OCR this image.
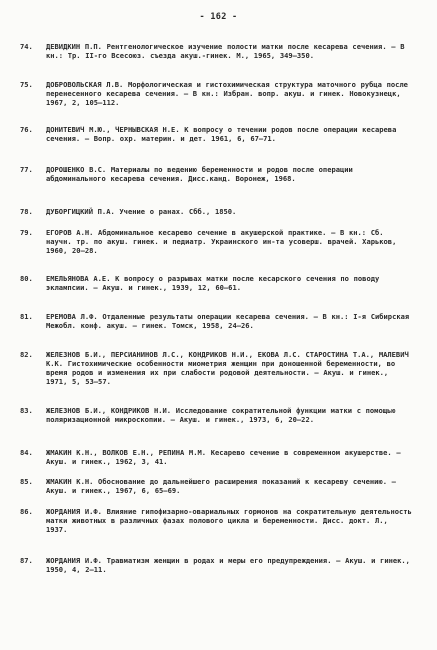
- 162 -
74. ДЕВИДКИН П.П. Рентгенологическое изучение полости матки после кесарева сечения. – В кн.: Тр. II-го Всесоюз. съезда акуш.-гинек. М., 1965, 349–350.
75. ДОБРОВОЛЬСКАЯ Л.В. Морфологическая и гистохимическая структура маточного рубца после перенесенного кесарева сечения. – В кн.: Избран. вопр. акуш. и гинек. Новокузнецк, 1967, 2, 105–112.
76. ДОНИТЕВИЧ М.Ю., ЧЕРНЫВСКАЯ Н.Е. К вопросу о течении родов после операции кесарева сечения. – Вопр. охр. материн. и дет. 1961, 6, 67–71.
77. ДОРОШЕНКО В.С. Материалы по ведению беременности и родов после операции абдоминального кесарева сечения. Дисс.канд. Воронеж, 1968.
78. ДУБОРГИЦКИЙ П.А. Учение о ранах. Сбб., 1850.
79. ЕГОРОВ А.Н. Абдоминальное кесарево сечение в акушерской практике. – В кн.: Сб. научн. тр. по акуш. гинек. и педиатр. Украинского ин-та усоверш. врачей. Харьков, 1960, 20–28.
80. ЕМЕЛЬЯНОВА А.Е. К вопросу о разрывах матки после кесарского сечения по поводу эклампсии. – Акуш. и гинек., 1939, 12, 60–61.
81. ЕРЕМОВА Л.Ф. Отдаленные результаты операции кесарева сечения. – В кн.: I-я Сибирская Межобл. конф. акуш. – гинек. Томск, 1958, 24–26.
82. ЖЕЛЕЗНОВ Б.И., ПЕРСИАНИНОВ Л.С., КОНДРИКОВ Н.И., ЕКОВА Л.С. СТАРОСТИНА Т.А., МАЛЕВИЧ К.К. Гистохимические особенности миометрия женщин при доношенной беременности, во время родов и изменения их при слабости родовой деятельности. – Акуш. и гинек., 1971, 5, 53–57.
83. ЖЕЛЕЗНОВ Б.И., КОНДРИКОВ Н.И. Исследование сократительной функции матки с помощью поляризационной микроскопии. – Акуш. и гинек., 1973, 6, 20–22.
84. ЖМАКИН К.Н., ВОЛКОВ Е.Н., РЕПИНА М.М. Кесарево сечение в современном акушерстве. – Акуш. и гинек., 1962, 3, 41.
85. ЖМАКИН К.Н. Обоснование до дальнейшего расширения показаний к кесареву сечению. – Акуш. и гинек., 1967, 6, 65–69.
86. ЖОРДАНИЯ И.Ф. Влияние гипофизарно-овариальных гормонов на сократительную деятельность матки животных в различных фазах полового цикла и беременности. Дисс. докт. Л., 1937.
87. ЖОРДАНИЯ И.Ф. Травматизм женщин в родах и меры его предупреждения. – Акуш. и гинек., 1950, 4, 2–11.
